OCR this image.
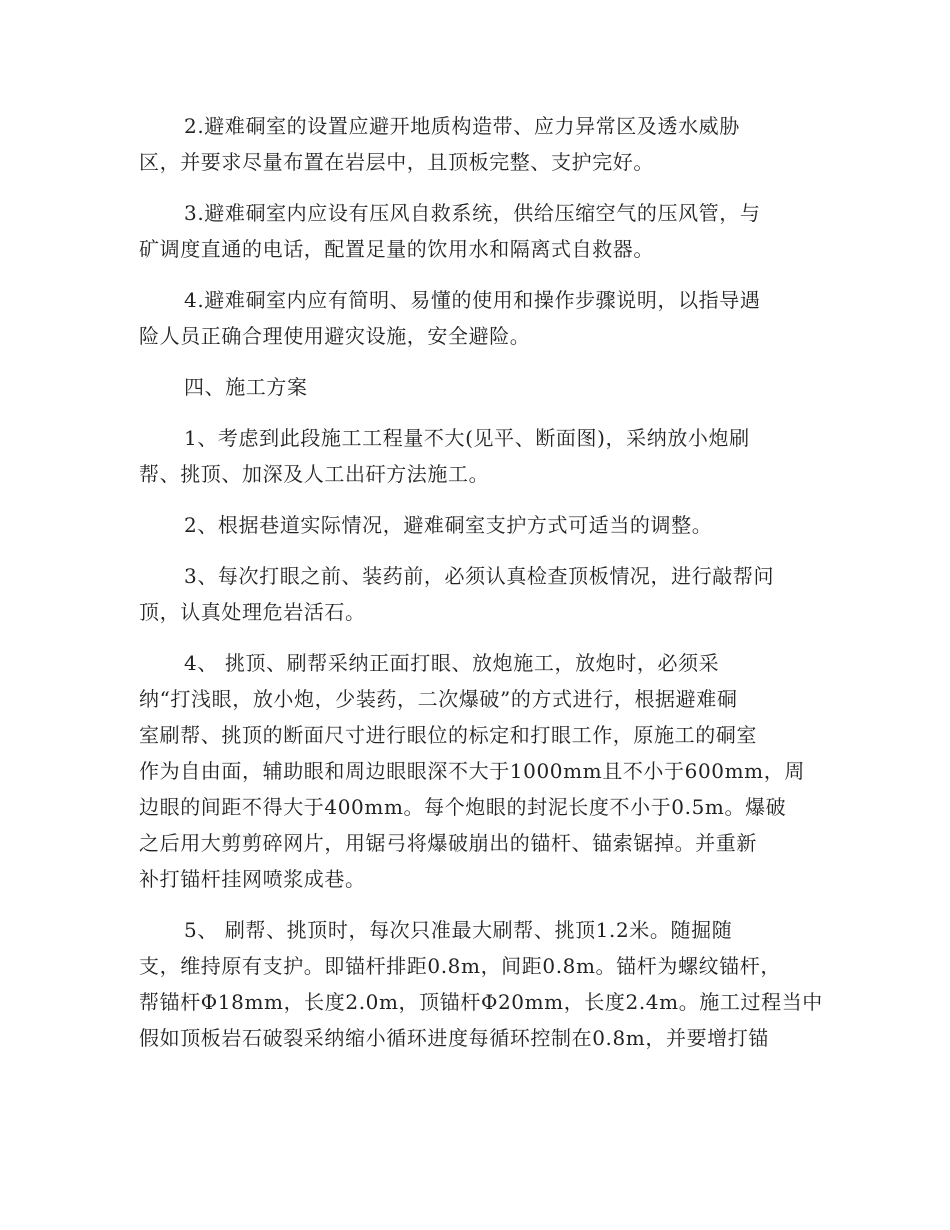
2.避难硐室的设置应避开地质构造带、应力异常区及透水威胁
区，并要求尽量布置在岩层中，且顶板完整、支护完好。

3.避难硐室内应设有压风自救系统，供给压缩空气的压风管，与
矿调度直通的电话，配置足量的饮用水和隔离式自救器。

4.避难硐室内应有简明、易懂的使用和操作步骤说明，以指导遇
险人员正确合理使用避灾设施，安全避险。

四、施工方案

1、考虑到此段施工工程量不大(见平、断面图)，采纳放小炮刷
帮、挑顶、加深及人工出矸方法施工。

2、根据巷道实际情况，避难硐室支护方式可适当的调整。

3、每次打眼之前、装药前，必须认真检查顶板情况，进行敲帮问
顶，认真处理危岩活石。

4、 挑顶、刷帮采纳正面打眼、放炮施工，放炮时，必须采
纳“打浅眼，放小炮，少装药，二次爆破”的方式进行，根据避难硐
室刷帮、挑顶的断面尺寸进行眼位的标定和打眼工作，原施工的硐室
作为自由面，辅助眼和周边眼眼深不大于1000mm且不小于600mm，周
边眼的间距不得大于400mm。每个炮眼的封泥长度不小于0.5m。爆破
之后用大剪剪碎网片，用锯弓将爆破崩出的锚杆、锚索锯掉。并重新
补打锚杆挂网喷浆成巷。

5、 刷帮、挑顶时，每次只准最大刷帮、挑顶1.2米。随掘随
支，维持原有支护。即锚杆排距0.8m，间距0.8m。锚杆为螺纹锚杆，
帮锚杆Φ18mm，长度2.0m，顶锚杆Φ20mm，长度2.4m。施工过程当中
假如顶板岩石破裂采纳缩小循环进度每循环控制在0.8m，并要增打锚
